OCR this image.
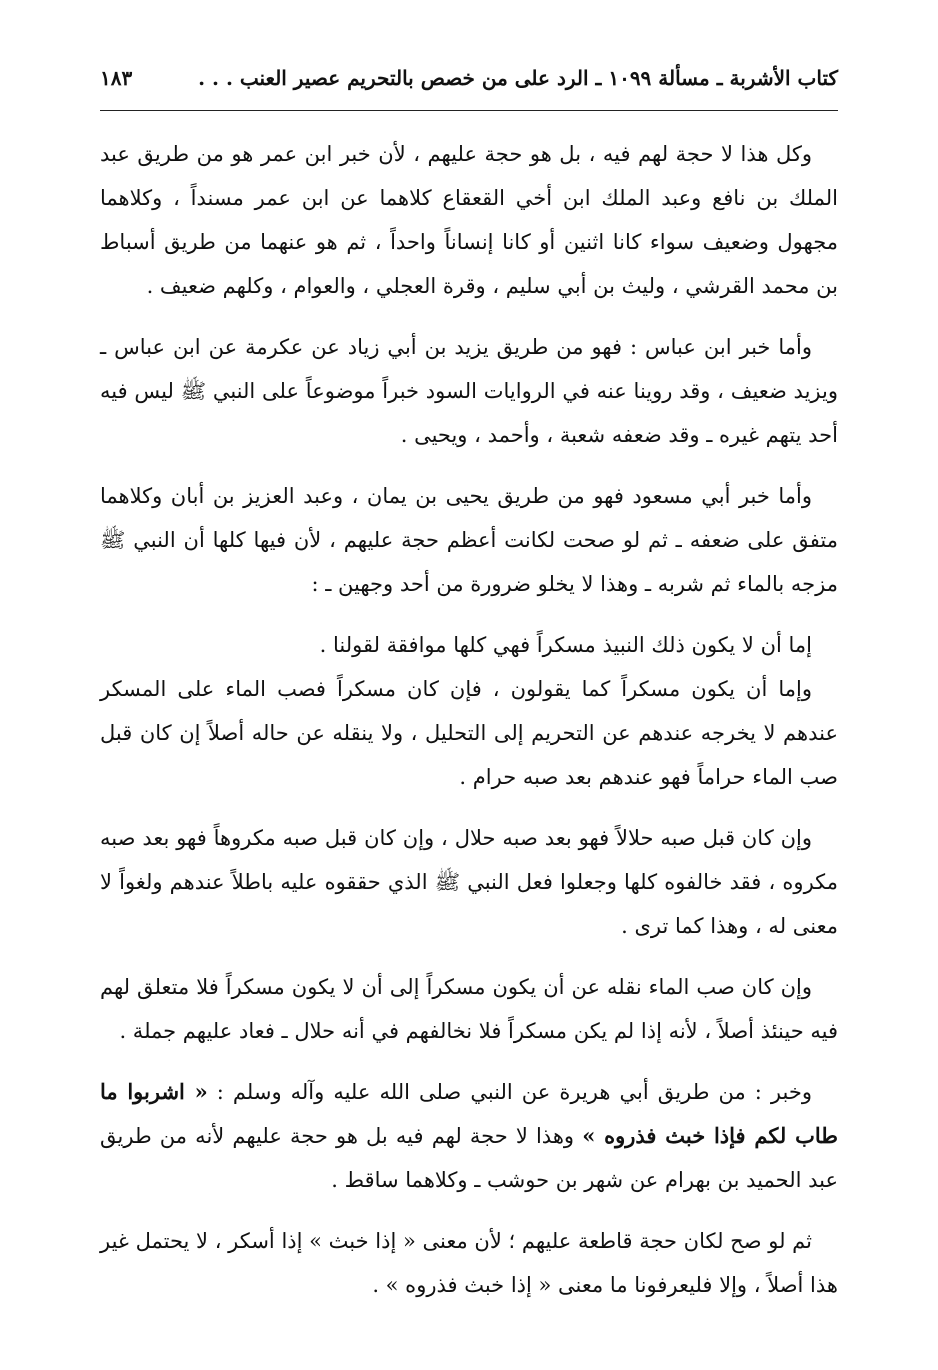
كتاب الأشربة ـ مسألة ١٠٩٩ ـ الرد على من خصص بالتحريم عصير العنب . . .
١٨٣

وكل هذا لا حجة لهم فيه ، بل هو حجة عليهم ، لأن خبر ابن عمر هو من طريق عبد الملك بن نافع وعبد الملك ابن أخي القعقاع كلاهما عن ابن عمر مسنداً ، وكلاهما مجهول وضعيف سواء كانا اثنين أو كانا إنساناً واحداً ، ثم هو عنهما من طريق أسباط بن محمد القرشي ، وليث بن أبي سليم ، وقرة العجلي ، والعوام ، وكلهم ضعيف .

وأما خبر ابن عباس : فهو من طريق يزيد بن أبي زياد عن عكرمة عن ابن عباس ـ ويزيد ضعيف ، وقد روينا عنه في الروايات السود خبراً موضوعاً على النبي ﷺ ليس فيه أحد يتهم غيره ـ وقد ضعفه شعبة ، وأحمد ، ويحيى .

وأما خبر أبي مسعود فهو من طريق يحيى بن يمان ، وعبد العزيز بن أبان وكلاهما متفق على ضعفه ـ ثم لو صحت لكانت أعظم حجة عليهم ، لأن فيها كلها أن النبي ﷺ مزجه بالماء ثم شربه ـ وهذا لا يخلو ضرورة من أحد وجهين ـ :

إما أن لا يكون ذلك النبيذ مسكراً فهي كلها موافقة لقولنا .

وإما أن يكون مسكراً كما يقولون ، فإن كان مسكراً فصب الماء على المسكر عندهم لا يخرجه عندهم عن التحريم إلى التحليل ، ولا ينقله عن حاله أصلاً إن كان قبل صب الماء حراماً فهو عندهم بعد صبه حرام .

وإن كان قبل صبه حلالاً فهو بعد صبه حلال ، وإن كان قبل صبه مكروهاً فهو بعد صبه مكروه ، فقد خالفوه كلها وجعلوا فعل النبي ﷺ الذي حققوه عليه باطلاً عندهم ولغواً لا معنى له ، وهذا كما ترى .

وإن كان صب الماء نقله عن أن يكون مسكراً إلى أن لا يكون مسكراً فلا متعلق لهم فيه حينئذ أصلاً ، لأنه إذا لم يكن مسكراً فلا نخالفهم في أنه حلال ـ فعاد عليهم جملة .

وخبر : من طريق أبي هريرة عن النبي صلى الله عليه وآله وسلم : « اشربوا ما طاب لكم فإذا خبث فذروه » وهذا لا حجة لهم فيه بل هو حجة عليهم لأنه من طريق عبد الحميد بن بهرام عن شهر بن حوشب ـ وكلاهما ساقط .

ثم لو صح لكان حجة قاطعة عليهم ؛ لأن معنى « إذا خبث » إذا أسكر ، لا يحتمل غير هذا أصلاً ، وإلا فليعرفونا ما معنى « إذا خبث فذروه » .
